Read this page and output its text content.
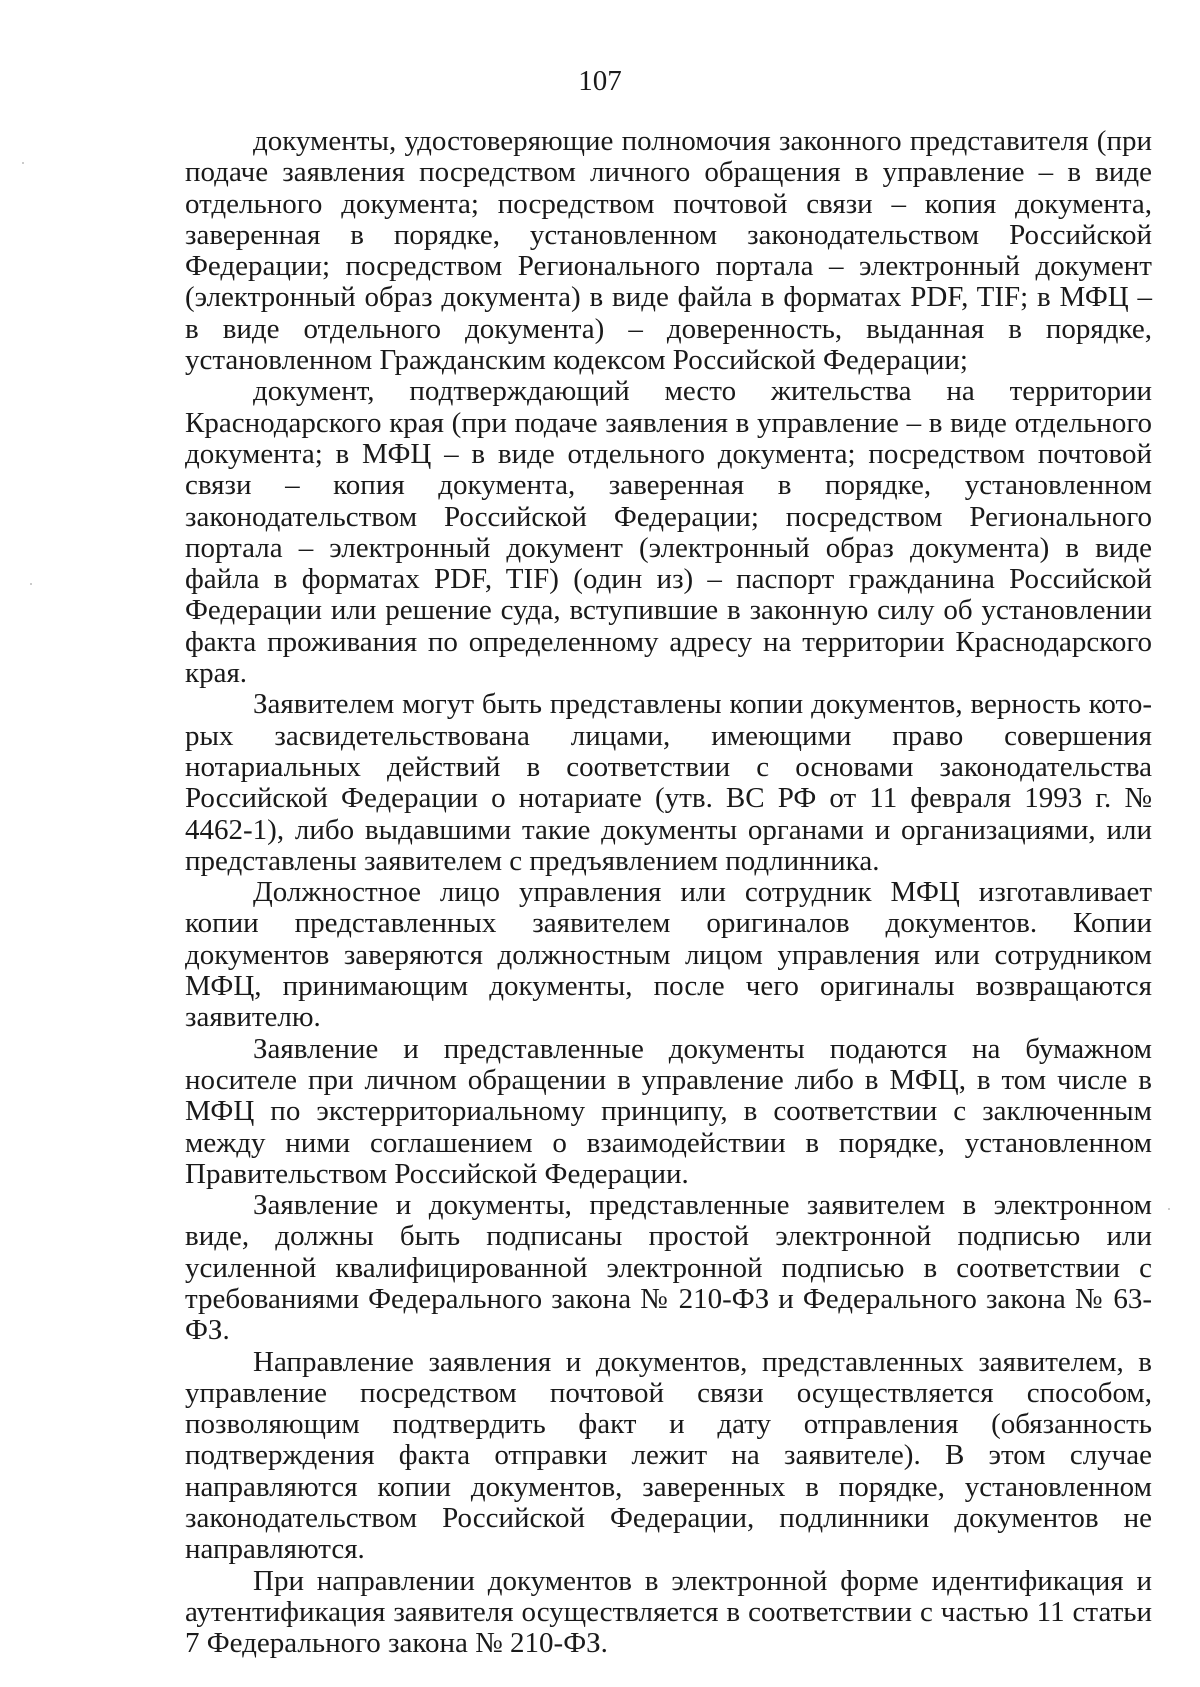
107

документы, удостоверяющие полномочия законного представителя (при подаче заявления посредством личного обращения в управление – в виде отдельного документа; посредством почтовой связи – копия документа, заверенная в порядке, установленном законодательством Российской Федерации; посредством Регионального портала – электронный документ (электронный образ документа) в виде файла в форматах PDF, TIF; в МФЦ – в виде отдельного документа) – доверенность, выданная в порядке, установленном Гражданским кодексом Российской Федерации;

документ, подтверждающий место жительства на территории Краснодарского края (при подаче заявления в управление – в виде отдельного документа; в МФЦ – в виде отдельного документа; посредством почтовой связи – копия документа, заверенная в порядке, установленном законодательством Российской Федерации; посредством Регионального портала – электронный документ (электронный образ документа) в виде файла в форматах PDF, TIF) (один из) – паспорт гражданина Российской Федерации или решение суда, вступившие в законную силу об установлении факта проживания по определенному адресу на территории Краснодарского края.

Заявителем могут быть представлены копии документов, верность которых засвидетельствована лицами, имеющими право совершения нотариальных действий в соответствии с основами законодательства Российской Федерации о нотариате (утв. ВС РФ от 11 февраля 1993 г. № 4462-1), либо выдавшими такие документы органами и организациями, или представлены заявителем с предъявлением подлинника.

Должностное лицо управления или сотрудник МФЦ изготавливает копии представленных заявителем оригиналов документов. Копии документов заверяются должностным лицом управления или сотрудником МФЦ, принимающим документы, после чего оригиналы возвращаются заявителю.

Заявление и представленные документы подаются на бумажном носителе при личном обращении в управление либо в МФЦ, в том числе в МФЦ по экстерриториальному принципу, в соответствии с заключенным между ними соглашением о взаимодействии в порядке, установленном Правительством Российской Федерации.

Заявление и документы, представленные заявителем в электронном виде, должны быть подписаны простой электронной подписью или усиленной квалифицированной электронной подписью в соответствии с требованиями Федерального закона № 210-ФЗ и Федерального закона № 63-ФЗ.

Направление заявления и документов, представленных заявителем, в управление посредством почтовой связи осуществляется способом, позволяющим подтвердить факт и дату отправления (обязанность подтверждения факта отправки лежит на заявителе). В этом случае направляются копии документов, заверенных в порядке, установленном законодательством Российской Федерации, подлинники документов не направляются.

При направлении документов в электронной форме идентификация и аутентификация заявителя осуществляется в соответствии с частью 11 статьи 7 Федерального закона № 210-ФЗ.
